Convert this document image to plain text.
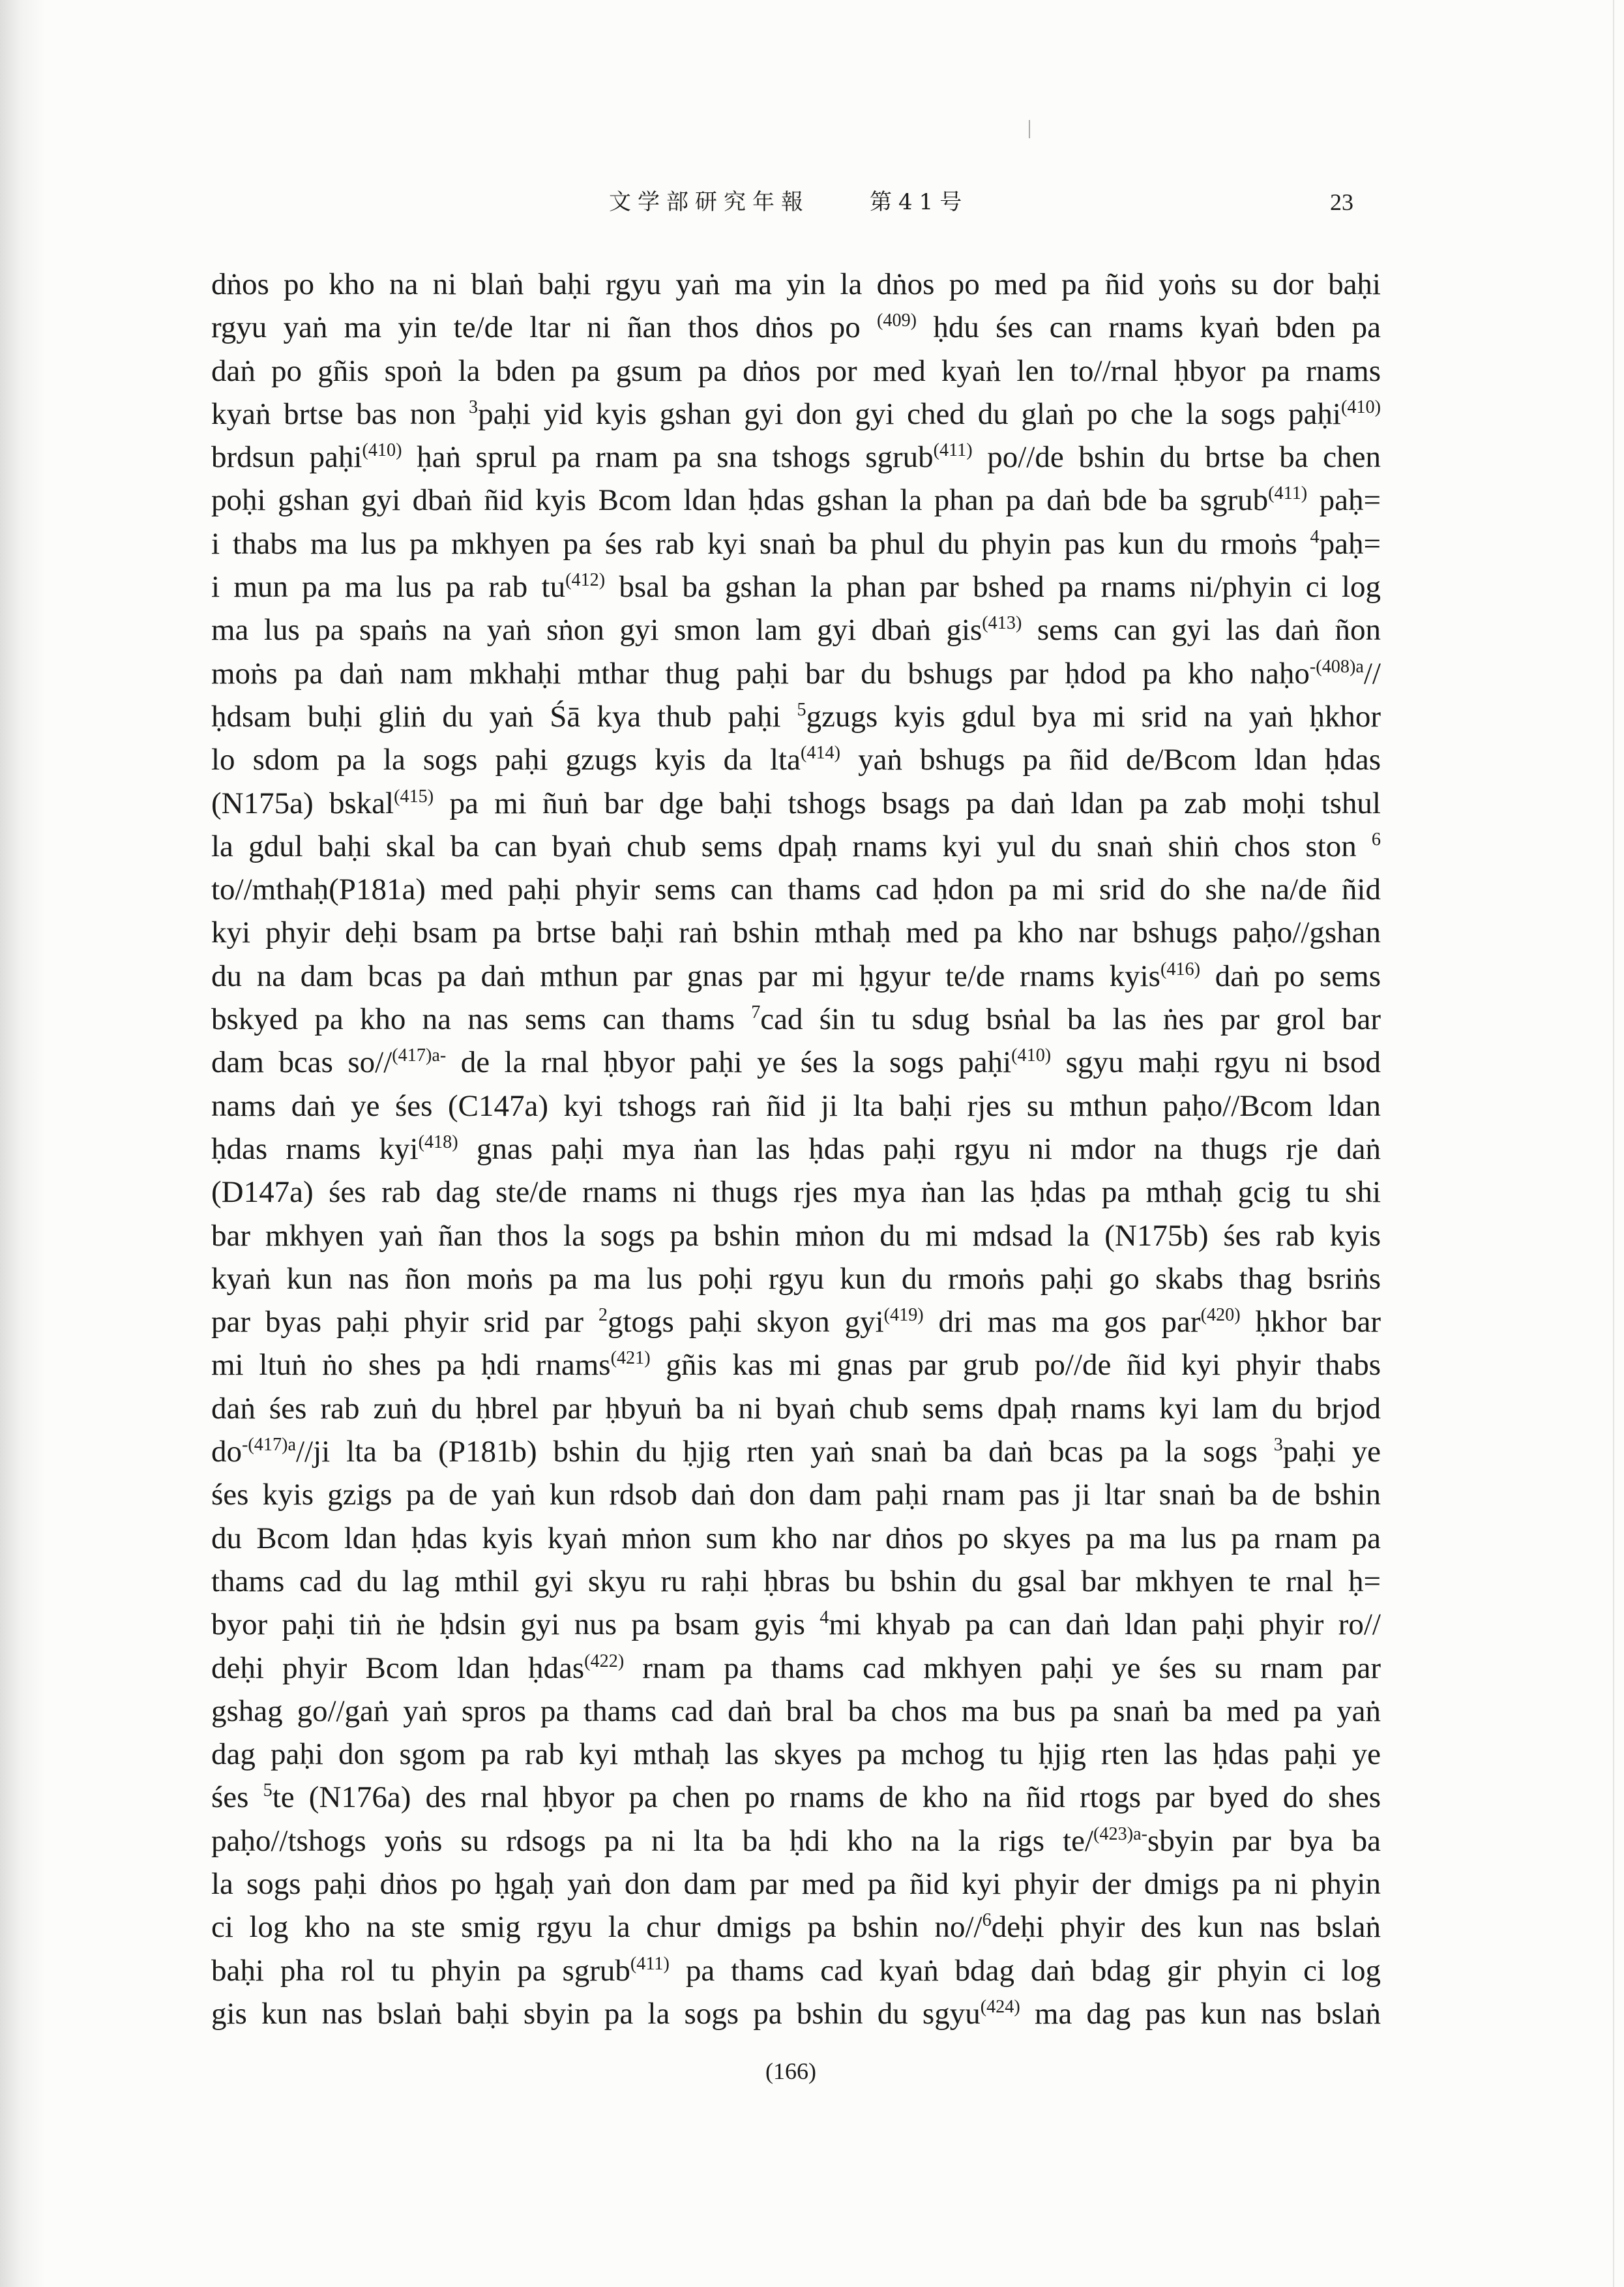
文学部研究年報	第41号	23
dṅos po kho na ni blaṅ baḥi rgyu yaṅ ma yin la dṅos po med pa ñid yoṅs su dor baḥi
rgyu yaṅ ma yin te/de ltar ni ñan thos dṅos po $^{(409)}$ ḥdu śes can rnams kyaṅ bden pa
daṅ po gñis spoṅ la bden pa gsum pa dṅos por med kyaṅ len to//rnal ḥbyor pa rnams
kyaṅ brtse bas non $^3$paḥi yid kyis gshan gyi don gyi ched du glaṅ po che la sogs paḥi$^{(410)}$
brdsun paḥi$^{(410)}$ ḥaṅ sprul pa rnam pa sna tshogs sgrub$^{(411)}$ po//de bshin du brtse ba chen
poḥi gshan gyi dbaṅ ñid kyis Bcom ldan ḥdas gshan la phan pa daṅ bde ba sgrub$^{(411)}$ paḥ=
i thabs ma lus pa mkhyen pa śes rab kyi snaṅ ba phul du phyin pas kun du rmoṅs $^4$paḥ=
i mun pa ma lus pa rab $tu^{(412)}$ bsal ba gshan la phan par bshed pa rnams ni/phyin ci log
ma lus pa spaṅs na yaṅ sṅon gyi smon lam gyi dbaṅ gis$^{(413)}$ sems can gyi las daṅ ñon
moṅs pa daṅ nam mkhaḥi mthar thug paḥi bar du bshugs par ḥdod pa kho naḥo$^{-(408)a}$//
ḥdsam buḥi gliṅ du yaṅ Śā kya thub paḥi $^5$gzugs kyis gdul bya mi srid na yaṅ ḥkhor
lo sdom pa la sogs paḥi gzugs kyis da lta$^{(414)}$ yaṅ bshugs pa ñid de/Bcom ldan ḥdas
(N175a) bskal$^{(415)}$ pa mi ñuṅ bar dge baḥi tshogs bsags pa daṅ ldan pa zab moḥi tshul
la gdul baḥi skal ba can byaṅ chub sems dpaḥ rnams kyi yul du snaṅ shiṅ chos ston $^6$
to//mthaḥ(P181a) med paḥi phyir sems can thams cad ḥdon pa mi srid do she na/de ñid
kyi phyir deḥi bsam pa brtse baḥi raṅ bshin mthaḥ med pa kho nar bshugs paḥo//gshan
du na dam bcas pa daṅ mthun par gnas par mi ḥgyur te/de rnams kyis$^{(416)}$ daṅ po sems
bskyed pa kho na nas sems can thams $^7$cad śin tu sdug bsṅal ba las ṅes par grol bar
dam bcas so//$^{(417)a-}$ de la rnal ḥbyor paḥi ye śes la sogs paḥi$^{(410)}$ sgyu maḥi rgyu ni bsod
nams daṅ ye śes (C147a) kyi tshogs raṅ ñid ji lta baḥi rjes su mthun paḥo//Bcom ldan
ḥdas rnams kyi$^{(418)}$ gnas paḥi mya ṅan las ḥdas paḥi rgyu ni mdor na thugs rje daṅ
(D147a) śes rab dag ste/de rnams ni thugs rjes mya ṅan las ḥdas pa mthaḥ gcig tu shi
bar mkhyen yaṅ ñan thos la sogs pa bshin mṅon du mi mdsad la (N175b) śes rab kyis
kyaṅ kun nas ñon moṅs pa ma lus poḥi rgyu kun du rmoṅs paḥi go skabs thag bsriṅs
par byas paḥi phyir srid par $^2$gtogs paḥi skyon gyi$^{(419)}$ dri mas ma gos par$^{(420)}$ ḥkhor bar
mi ltuṅ ṅo shes pa ḥdi rnams$^{(421)}$ gñis kas mi gnas par grub po//de ñid kyi phyir thabs
daṅ śes rab zuṅ du ḥbrel par ḥbyuṅ ba ni byaṅ chub sems dpaḥ rnams kyi lam du brjod
$do^{-(417)a}//ji$ lta ba (P181b) bshin du ḥjig rten yaṅ snaṅ ba daṅ bcas pa la sogs $^3$paḥi ye
śes kyis gzigs pa de yaṅ kun rdsob daṅ don dam paḥi rnam pas ji ltar snaṅ ba de bshin
du Bcom ldan ḥdas kyis kyaṅ mṅon sum kho nar dṅos po skyes pa ma lus pa rnam pa
thams cad du lag mthil gyi skyu ru raḥi ḥbras bu bshin du gsal bar mkhyen te rnal ḥ=
byor paḥi tiṅ ṅe ḥdsin gyi nus pa bsam gyis $^4$mi khyab pa can daṅ ldan paḥi phyir ro//
deḥi phyir Bcom ldan ḥdas$^{(422)}$ rnam pa thams cad mkhyen paḥi ye śes su rnam par
gshag go//gaṅ yaṅ spros pa thams cad daṅ bral ba chos ma bus pa snaṅ ba med pa yaṅ
dag paḥi don sgom pa rab kyi mthaḥ las skyes pa mchog tu ḥjig rten las ḥdas paḥi ye
śes $^5$te (N176a) des rnal ḥbyor pa chen po rnams de kho na ñid rtogs par byed do shes
paḥo//tshogs yoṅs su rdsogs pa ni lta ba ḥdi kho na la rigs te/$^{(423)a-}$sbyin par bya ba
la sogs paḥi dṅos po ḥgaḥ yaṅ don dam par med pa ñid kyi phyir der dmigs pa ni phyin
ci log kho na ste smig rgyu la chur dmigs pa bshin no//$^6$deḥi phyir des kun nas bslaṅ
baḥi pha rol tu phyin pa sgrub$^{(411)}$ pa thams cad kyaṅ bdag daṅ bdag gir phyin ci log
gis kun nas bslaṅ baḥi sbyin pa la sogs pa bshin du sgyu$^{(424)}$ ma dag pas kun nas bslaṅ
(166)
